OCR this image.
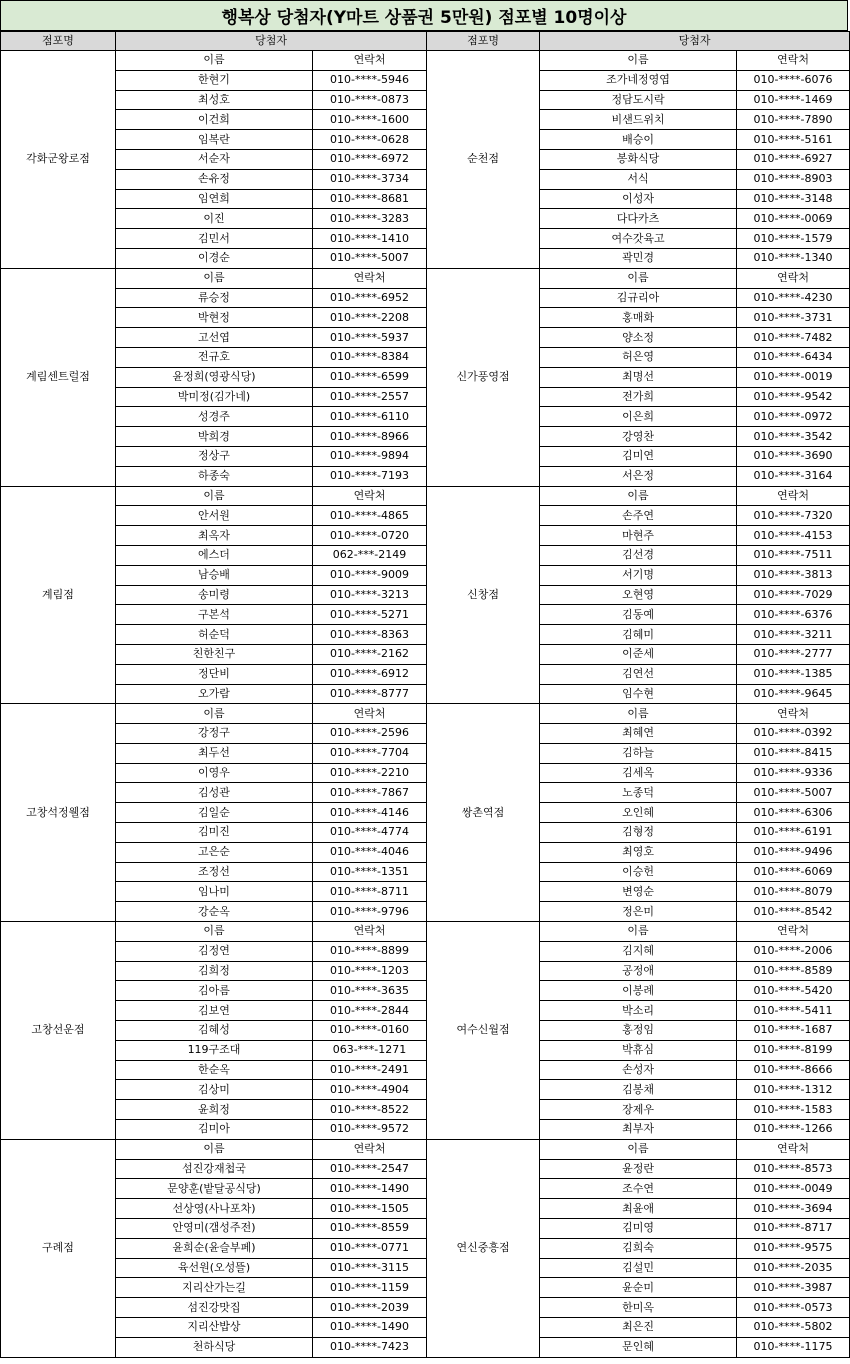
행복상 당첨자(Y마트 상품권 5만원) 점포별 10명이상
점포명	당첨자		점포명	당첨자	
각화군왕로점	이름	연락처	순천점	이름	연락처
	한현기	010-****-5946		조가네정영엽	010-****-6076
	최성호	010-****-0873		정담도시락	010-****-1469
	이건희	010-****-1600		비샌드위치	010-****-7890
	임복란	010-****-0628		배승이	010-****-5161
	서순자	010-****-6972		봉화식당	010-****-6927
	손유정	010-****-3734		서식	010-****-8903
	임연희	010-****-8681		이성자	010-****-3148
	이진	010-****-3283		다다카츠	010-****-0069
	김민서	010-****-1410		여수갓육고	010-****-1579
	이경순	010-****-5007		곽민경	010-****-1340
계림센트럴점	이름	연락처	신가풍영점	이름	연락처
	류승정	010-****-6952		김규리아	010-****-4230
	박현정	010-****-2208		홍매화	010-****-3731
	고선엽	010-****-5937		양소정	010-****-7482
	전규호	010-****-8384		허은영	010-****-6434
	윤정희(영광식당)	010-****-6599		최명선	010-****-0019
	박미정(김가네)	010-****-2557		전가희	010-****-9542
	성경주	010-****-6110		이은희	010-****-0972
	박희경	010-****-8966		강영찬	010-****-3542
	정상구	010-****-9894		김미연	010-****-3690
	하종숙	010-****-7193		서은정	010-****-3164
계림점	이름	연락처	신창점	이름	연락처
	안서원	010-****-4865		손주연	010-****-7320
	최옥자	010-****-0720		마현주	010-****-4153
	에스더	062-***-2149		김선경	010-****-7511
	남승배	010-****-9009		서기명	010-****-3813
	송미령	010-****-3213		오현영	010-****-7029
	구본석	010-****-5271		김동예	010-****-6376
	허순덕	010-****-8363		김혜미	010-****-3211
	친한친구	010-****-2162		이준세	010-****-2777
	정단비	010-****-6912		김연선	010-****-1385
	오가람	010-****-8777		임수현	010-****-9645
고창석정웰점	이름	연락처	쌍촌역점	이름	연락처
	강정구	010-****-2596		최혜연	010-****-0392
	최두선	010-****-7704		김하늘	010-****-8415
	이영우	010-****-2210		김세옥	010-****-9336
	김성관	010-****-7867		노종덕	010-****-5007
	김일순	010-****-4146		오인혜	010-****-6306
	김미진	010-****-4774		김형정	010-****-6191
	고은순	010-****-4046		최영호	010-****-9496
	조정선	010-****-1351		이승헌	010-****-6069
	임나미	010-****-8711		변영순	010-****-8079
	강순옥	010-****-9796		정은미	010-****-8542
고창선운점	이름	연락처	여수신월점	이름	연락처
	김정연	010-****-8899		김지혜	010-****-2006
	김희정	010-****-1203		공정애	010-****-8589
	김아름	010-****-3635		이봉례	010-****-5420
	김보연	010-****-2844		박소리	010-****-5411
	김혜성	010-****-0160		홍정임	010-****-1687
	119구조대	063-***-1271		박휴심	010-****-8199
	한순옥	010-****-2491		손성자	010-****-8666
	김상미	010-****-4904		김봉채	010-****-1312
	윤희정	010-****-8522		장제우	010-****-1583
	김미아	010-****-9572		최부자	010-****-1266
구례점	이름	연락처	연신중흥점	이름	연락처
	섬진강재첩국	010-****-2547		윤정란	010-****-8573
	문양훈(밭달공식당)	010-****-1490		조수연	010-****-0049
	선상영(사나포차)	010-****-1505		최윤애	010-****-3694
	안영미(갬성주전)	010-****-8559		김미영	010-****-8717
	윤희순(윤슬부페)	010-****-0771		김희숙	010-****-9575
	육선원(오성뜰)	010-****-3115		김설민	010-****-2035
	지리산가는길	010-****-1159		윤순미	010-****-3987
	섬진강맛집	010-****-2039		한미옥	010-****-0573
	지리산밥상	010-****-1490		최은진	010-****-5802
	천하식당	010-****-7423		문인혜	010-****-1175
